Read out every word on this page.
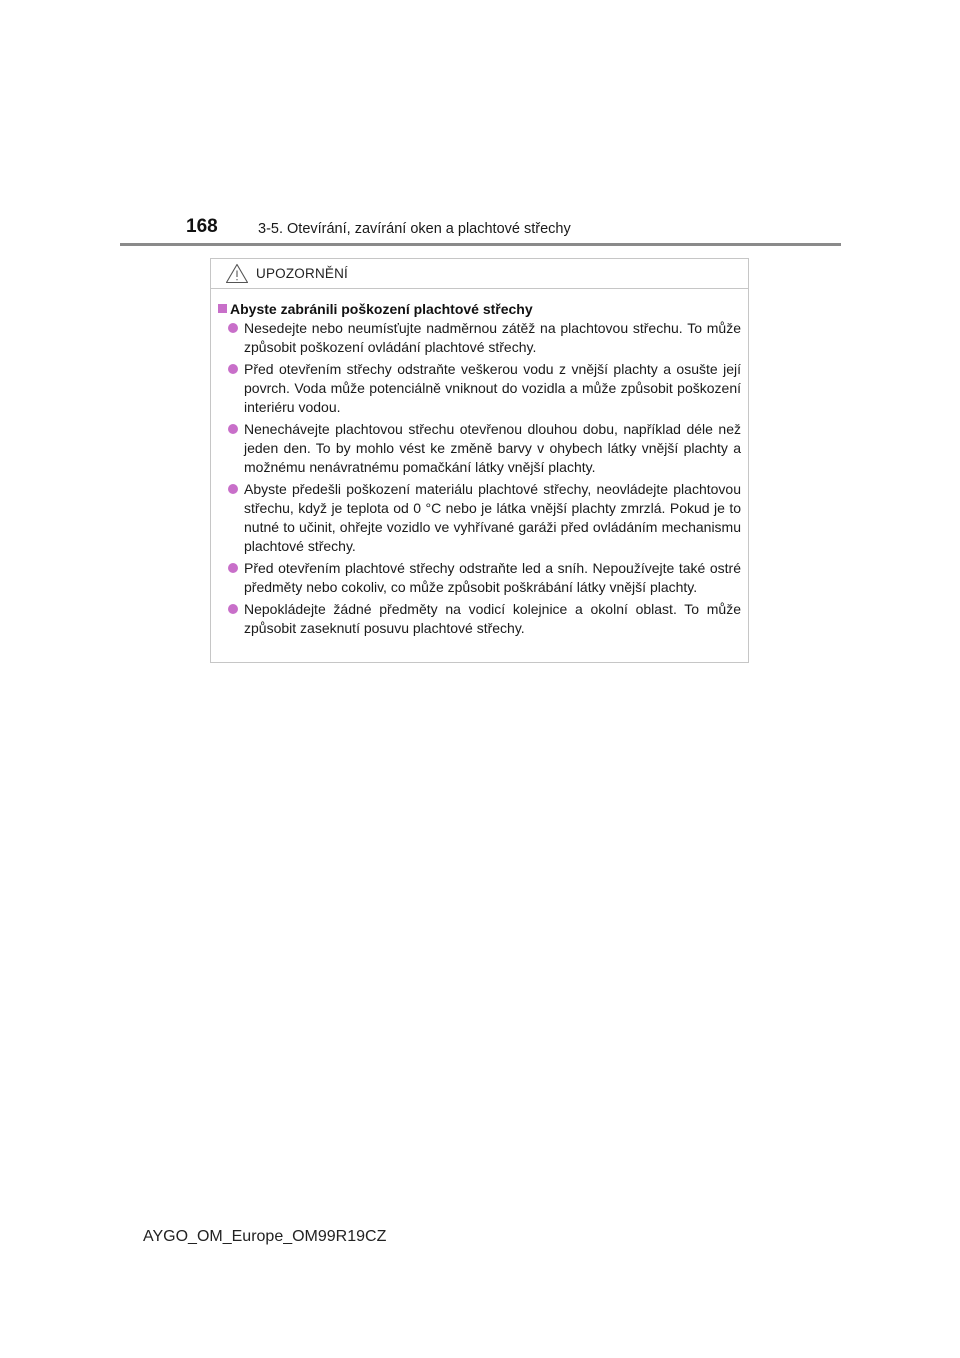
168	3-5. Otevírání, zavírání oken a plachtové střechy
UPOZORNĚNÍ
Abyste zabránili poškození plachtové střechy
Nesedejte nebo neumísťujte nadměrnou zátěž na plachtovou střechu. To může způsobit poškození ovládání plachtové střechy.
Před otevřením střechy odstraňte veškerou vodu z vnější plachty a osušte její povrch. Voda může potenciálně vniknout do vozidla a může způsobit poškození interiéru vodou.
Nenechávejte plachtovou střechu otevřenou dlouhou dobu, například déle než jeden den. To by mohlo vést ke změně barvy v ohybech látky vnější plachty a možnému nenávratnému pomačkání látky vnější plachty.
Abyste předešli poškození materiálu plachtové střechy, neovládejte plachtovou střechu, když je teplota od 0 °C nebo je látka vnější plachty zmrzlá. Pokud je to nutné to učinit, ohřejte vozidlo ve vyhřívané garáži před ovládáním mechanismu plachtové střechy.
Před otevřením plachtové střechy odstraňte led a sníh. Nepoužívejte také ostré předměty nebo cokoliv, co může způsobit poškrábání látky vnější plachty.
Nepokládejte žádné předměty na vodicí kolejnice a okolní oblast. To může způsobit zaseknutí posuvu plachtové střechy.
AYGO_OM_Europe_OM99R19CZ
